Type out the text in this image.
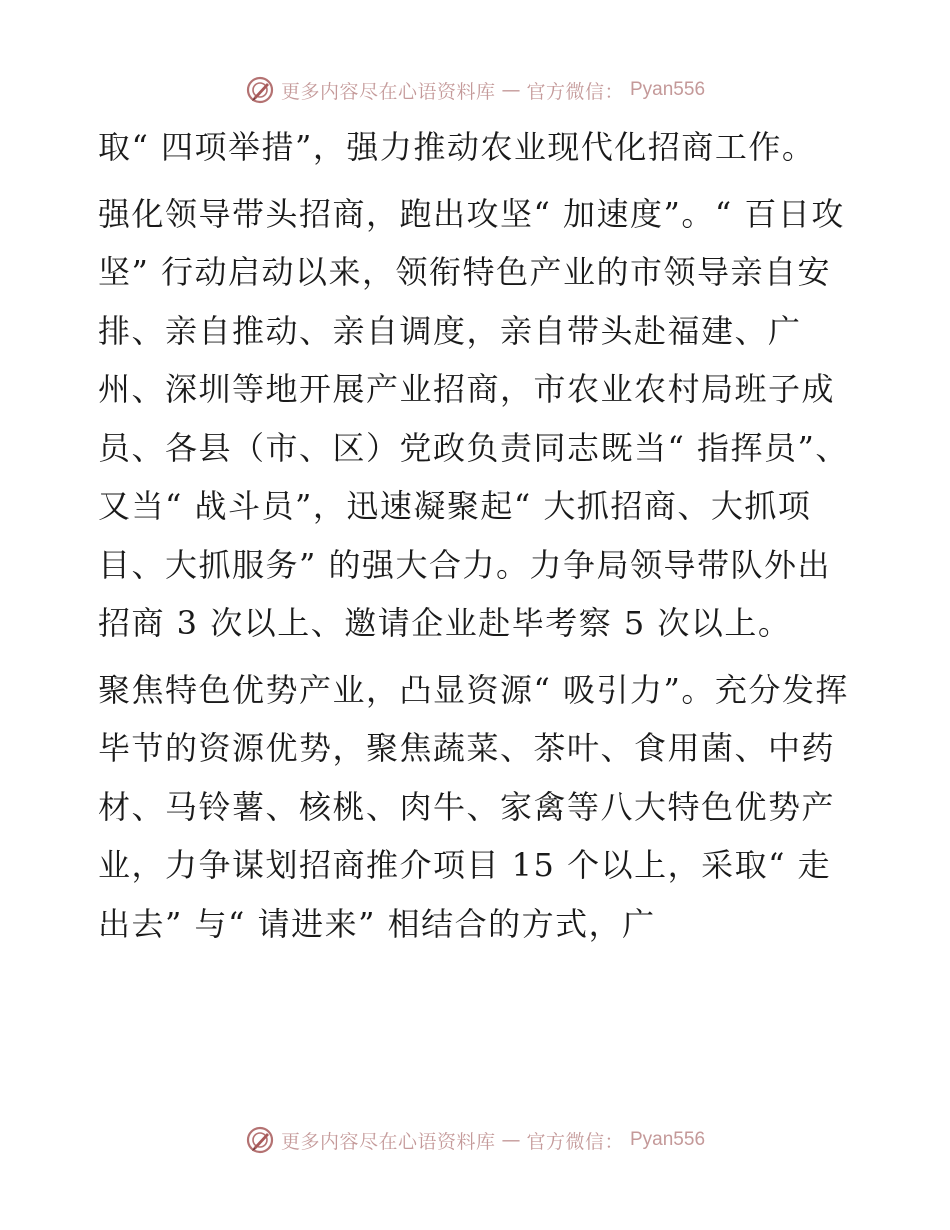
更多内容尽在心语资料库 — 官方微信： Pyan556

取“ 四项举措”，强力推动农业现代化招商工作。

强化领导带头招商，跑出攻坚“ 加速度”。“ 百日攻坚” 行动启动以来，领衔特色产业的市领导亲自安排、亲自推动、亲自调度，亲自带头赴福建、广州、深圳等地开展产业招商，市农业农村局班子成员、各县（市、区）党政负责同志既当“ 指挥员”、又当“ 战斗员”，迅速凝聚起“ 大抓招商、大抓项目、大抓服务” 的强大合力。力争局领导带队外出招商 3 次以上、邀请企业赴毕考察 5 次以上。

聚焦特色优势产业，凸显资源“ 吸引力”。充分发挥毕节的资源优势，聚焦蔬菜、茶叶、食用菌、中药材、马铃薯、核桃、肉牛、家禽等八大特色优势产业，力争谋划招商推介项目 15 个以上，采取“ 走出去” 与“ 请进来” 相结合的方式，广

更多内容尽在心语资料库 — 官方微信： Pyan556
